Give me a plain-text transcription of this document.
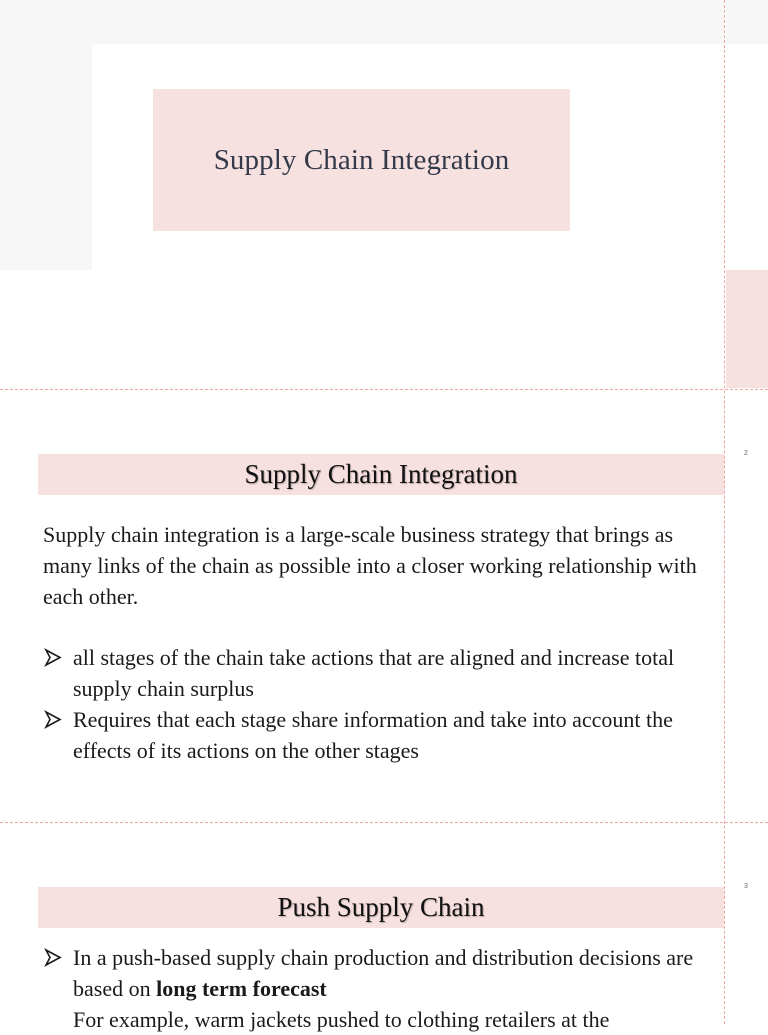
Supply Chain Integration
2
Supply Chain Integration
Supply chain integration is a large-scale business strategy that brings as many links of the chain as possible into a closer working relationship with each other.
all stages of the chain take actions that are aligned and increase total supply chain surplus
Requires that each stage share information and take into account the effects of its actions on the other stages
3
Push Supply Chain
In a push-based supply chain production and distribution decisions are based on long term forecast
For example, warm jackets pushed to clothing retailers at the
